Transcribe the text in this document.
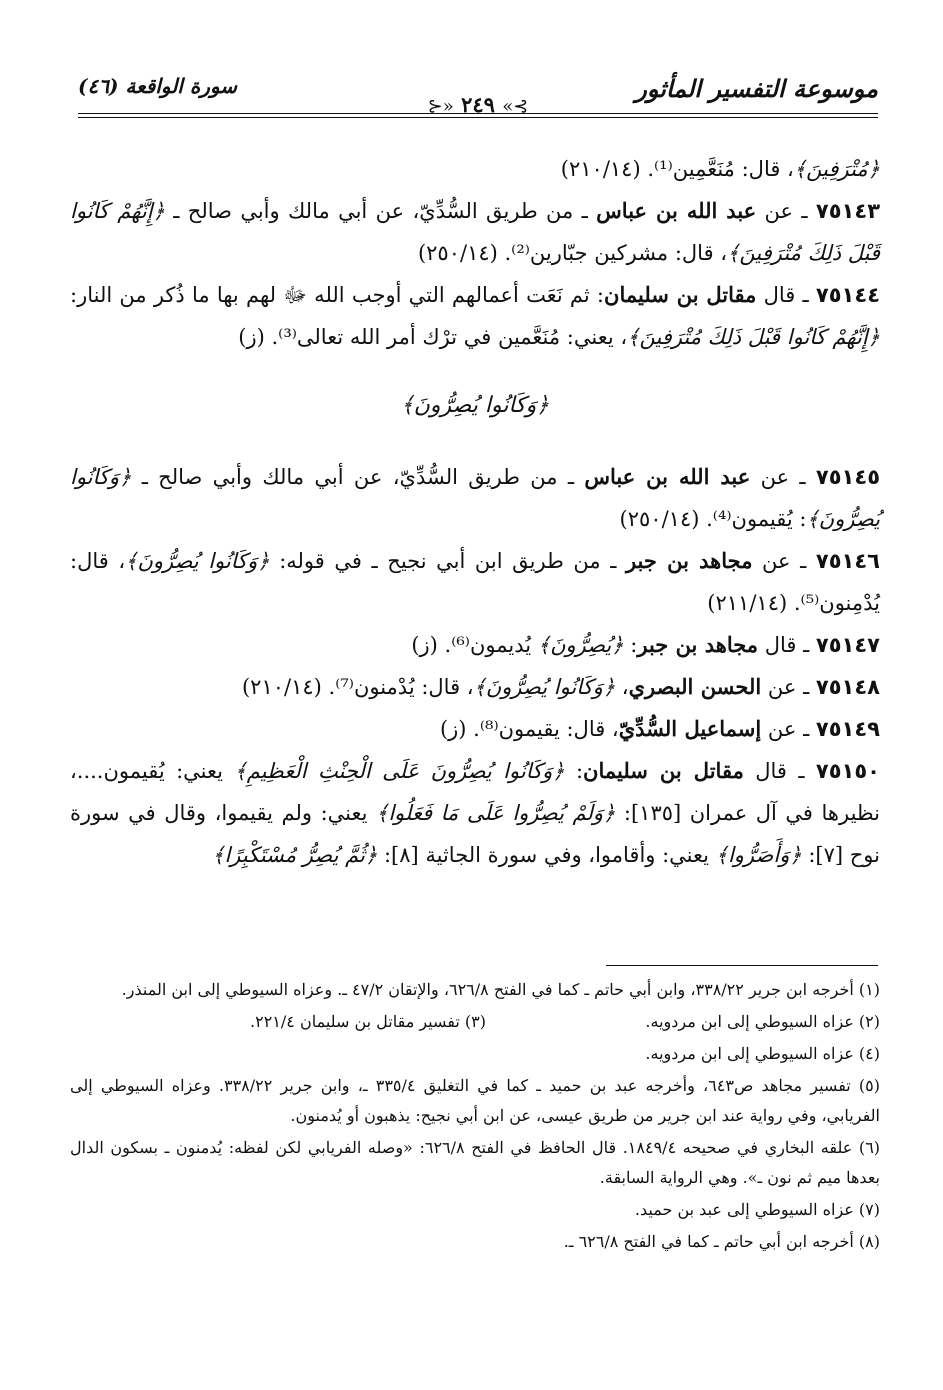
موسوعة التفسير المأثور
⊱» ٢٤٩ «⊰
سورة الواقعة (٤٦)

﴿مُتْرَفِينَ﴾، قال: مُنَعَّمِين⁽¹⁾. (٢١٠/١٤)

٧٥١٤٣ ـ عن عبد الله بن عباس ـ من طريق السُّدِّيّ، عن أبي مالك وأبي صالح ـ ﴿إِنَّهُمْ كَانُوا قَبْلَ ذَلِكَ مُتْرَفِينَ﴾، قال: مشركين جبّارين⁽²⁾. (٢٥٠/١٤)

٧٥١٤٤ ـ قال مقاتل بن سليمان: ثم نَعَت أعمالهم التي أوجب الله ﷻ لهم بها ما ذُكر من النار: ﴿إِنَّهُمْ كَانُوا قَبْلَ ذَلِكَ مُتْرَفِينَ﴾، يعني: مُنَعَّمين في ترْك أمر الله تعالى⁽³⁾. (ز)

﴿وَكَانُوا يُصِرُّونَ﴾

٧٥١٤٥ ـ عن عبد الله بن عباس ـ من طريق السُّدِّيّ، عن أبي مالك وأبي صالح ـ ﴿وَكَانُوا يُصِرُّونَ﴾: يُقيمون⁽⁴⁾. (٢٥٠/١٤)

٧٥١٤٦ ـ عن مجاهد بن جبر ـ من طريق ابن أبي نجيح ـ في قوله: ﴿وَكَانُوا يُصِرُّونَ﴾، قال: يُدْمِنون⁽⁵⁾. (٢١١/١٤)

٧٥١٤٧ ـ قال مجاهد بن جبر: ﴿يُصِرُّونَ﴾ يُديمون⁽⁶⁾. (ز)

٧٥١٤٨ ـ عن الحسن البصري، ﴿وَكَانُوا يُصِرُّونَ﴾، قال: يُدْمنون⁽⁷⁾. (٢١٠/١٤)

٧٥١٤٩ ـ عن إسماعيل السُّدِّيّ، قال: يقيمون⁽⁸⁾. (ز)

٧٥١٥٠ ـ قال مقاتل بن سليمان: ﴿وَكَانُوا يُصِرُّونَ عَلَى الْحِنْثِ الْعَظِيمِ﴾ يعني: يُقيمون....، نظيرها في آل عمران [١٣٥]: ﴿وَلَمْ يُصِرُّوا عَلَى مَا فَعَلُوا﴾ يعني: ولم يقيموا، وقال في سورة نوح [٧]: ﴿وَأَصَرُّوا﴾ يعني: وأقاموا، وفي سورة الجاثية [٨]: ﴿ثُمَّ يُصِرُّ مُسْتَكْبِرًا﴾

(١) أخرجه ابن جرير ٣٣٨/٢٢، وابن أبي حاتم ـ كما في الفتح ٦٢٦/٨، والإتقان ٤٧/٢ ـ. وعزاه السيوطي إلى ابن المنذر.

(٢) عزاه السيوطي إلى ابن مردويه.
(٣) تفسير مقاتل بن سليمان ٢٢١/٤.

(٤) عزاه السيوطي إلى ابن مردويه.

(٥) تفسير مجاهد ص٦٤٣، وأخرجه عبد بن حميد ـ كما في التغليق ٣٣٥/٤ ـ، وابن جرير ٣٣٨/٢٢. وعزاه السيوطي إلى الفريابي، وفي رواية عند ابن جرير من طريق عيسى، عن ابن أبي نجيح: يذهبون أو يُدمنون.

(٦) علقه البخاري في صحيحه ١٨٤٩/٤. قال الحافظ في الفتح ٦٢٦/٨: «وصله الفريابي لكن لفظه: يُدمنون ـ بسكون الدال بعدها ميم ثم نون ـ». وهي الرواية السابقة.

(٧) عزاه السيوطي إلى عبد بن حميد.

(٨) أخرجه ابن أبي حاتم ـ كما في الفتح ٦٢٦/٨ ـ.
